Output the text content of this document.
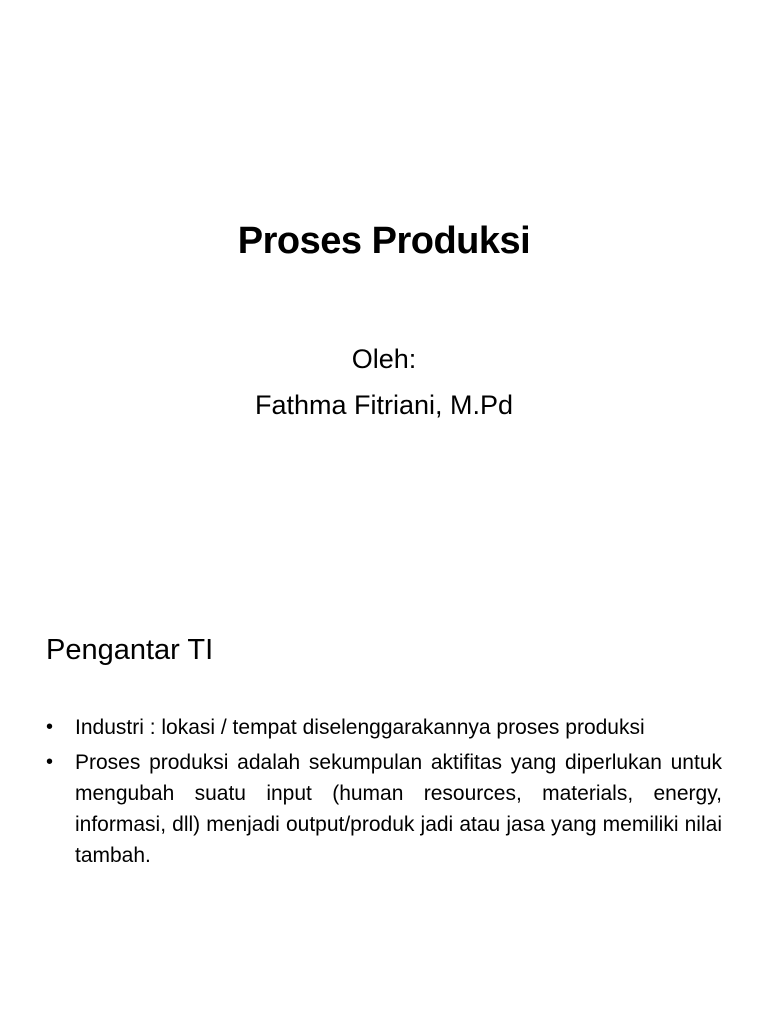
Proses Produksi
Oleh:
Fathma Fitriani, M.Pd
Pengantar TI
• Industri : lokasi / tempat diselenggarakannya proses produksi
• Proses produksi adalah sekumpulan aktifitas yang diperlukan untuk mengubah suatu input (human resources, materials, energy, informasi, dll) menjadi output/produk jadi atau jasa yang memiliki nilai tambah.
